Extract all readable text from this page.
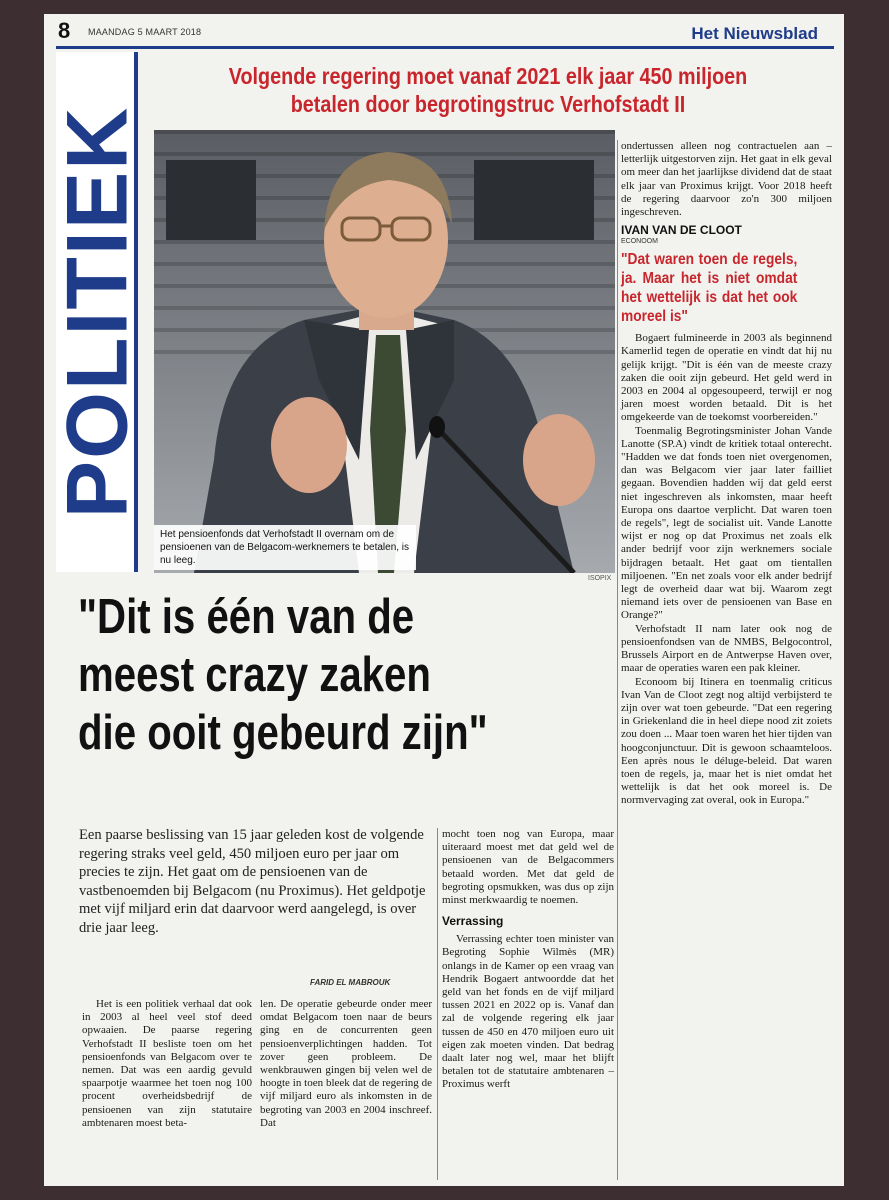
8 MAANDAG 5 MAART 2018	Het Nieuwsblad
POLITIEK
Volgende regering moet vanaf 2021 elk jaar 450 miljoen betalen door begrotingstruc Verhofstadt II
Het pensioenfonds dat Verhofstadt II overnam om de pensioenen van de Belgacom-werknemers te betalen, is nu leeg.
ISOPIX

ondertussen alleen nog contractuelen aan – letterlijk uitgestorven zijn. Het gaat in elk geval om meer dan het jaarlijkse dividend dat de staat elk jaar van Proximus krijgt. Voor 2018 heeft de regering daarvoor zo'n 300 miljoen ingeschreven.

IVAN VAN DE CLOOT
ECONOOM
"Dat waren toen de regels, ja. Maar het is niet omdat het wettelijk is dat het ook moreel is"

Bogaert fulmineerde in 2003 als beginnend Kamerlid tegen de operatie en vindt dat hij nu gelijk krijgt. "Dit is één van de meeste crazy zaken die ooit zijn gebeurd. Het geld werd in 2003 en 2004 al opgesoupeerd, terwijl er nog jaren moest worden betaald. Dit is het omgekeerde van de toekomst voorbereiden."

Toenmalig Begrotingsminister Johan Vande Lanotte (SP.A) vindt de kritiek totaal onterecht. "Hadden we dat fonds toen niet overgenomen, dan was Belgacom vier jaar later failliet gegaan. Bovendien hadden wij dat geld eerst niet ingeschreven als inkomsten, maar heeft Europa ons daartoe verplicht. Dat waren toen de regels", legt de socialist uit. Vande Lanotte wijst er nog op dat Proximus net zoals elk ander bedrijf voor zijn werknemers sociale bijdragen betaalt. Het gaat om tientallen miljoenen. "En net zoals voor elk ander bedrijf legt de overheid daar wat bij. Waarom zegt niemand iets over de pensioenen van Base en Orange?"

Verhofstadt II nam later ook nog de pensioenfondsen van de NMBS, Belgocontrol, Brussels Airport en de Antwerpse Haven over, maar de operaties waren een pak kleiner.

Econoom bij Itinera en toenmalig criticus Ivan Van de Cloot zegt nog altijd verbijsterd te zijn over wat toen gebeurde. "Dat een regering in Griekenland die in heel diepe nood zit zoiets zou doen ... Maar toen waren het hier tijden van hoogconjunctuur. Dit is gewoon schaamteloos. Een après nous le déluge-beleid. Dat waren toen de regels, ja, maar het is niet omdat het wettelijk is dat het ook moreel is. De normvervaging zat overal, ook in Europa."

"Dit is één van de
meest crazy zaken
die ooit gebeurd zijn"
Een paarse beslissing van 15 jaar geleden kost de volgende regering straks veel geld, 450 miljoen euro per jaar om precies te zijn. Het gaat om de pensioenen van de vastbenoemden bij Belgacom (nu Proximus). Het geldpotje met vijf miljard erin dat daarvoor werd aangelegd, is over drie jaar leeg.
FARID EL MABROUK

mocht toen nog van Europa, maar uiteraard moest met dat geld wel de pensioenen van de Belgacommers betaald worden. Met dat geld de begroting opsmukken, was dus op zijn minst merkwaardig te noemen.

Verrassing

Verrassing echter toen minister van Begroting Sophie Wilmès (MR) onlangs in de Kamer op een vraag van Hendrik Bogaert antwoordde dat het geld van het fonds en de vijf miljard tussen 2021 en 2022 op is. Vanaf dan zal de volgende regering elk jaar tussen de 450 en 470 miljoen euro uit eigen zak moeten vinden. Dat bedrag daalt later nog wel, maar het blijft betalen tot de statutaire ambtenaren – Proximus werft

Het is een politiek verhaal dat ook in 2003 al heel veel stof deed opwaaien. De paarse regering Verhofstadt II besliste toen om het pensioenfonds van Belgacom over te nemen. Dat was een aardig gevuld spaarpotje waarmee het toen nog 100 procent overheidsbedrijf de pensioenen van zijn statutaire ambtenaren moest beta-

len. De operatie gebeurde onder meer omdat Belgacom toen naar de beurs ging en de concurrenten geen pensioenverplichtingen hadden. Tot zover geen probleem. De wenkbrauwen gingen bij velen wel de hoogte in toen bleek dat de regering de vijf miljard euro als inkomsten in de begroting van 2003 en 2004 inschreef. Dat
